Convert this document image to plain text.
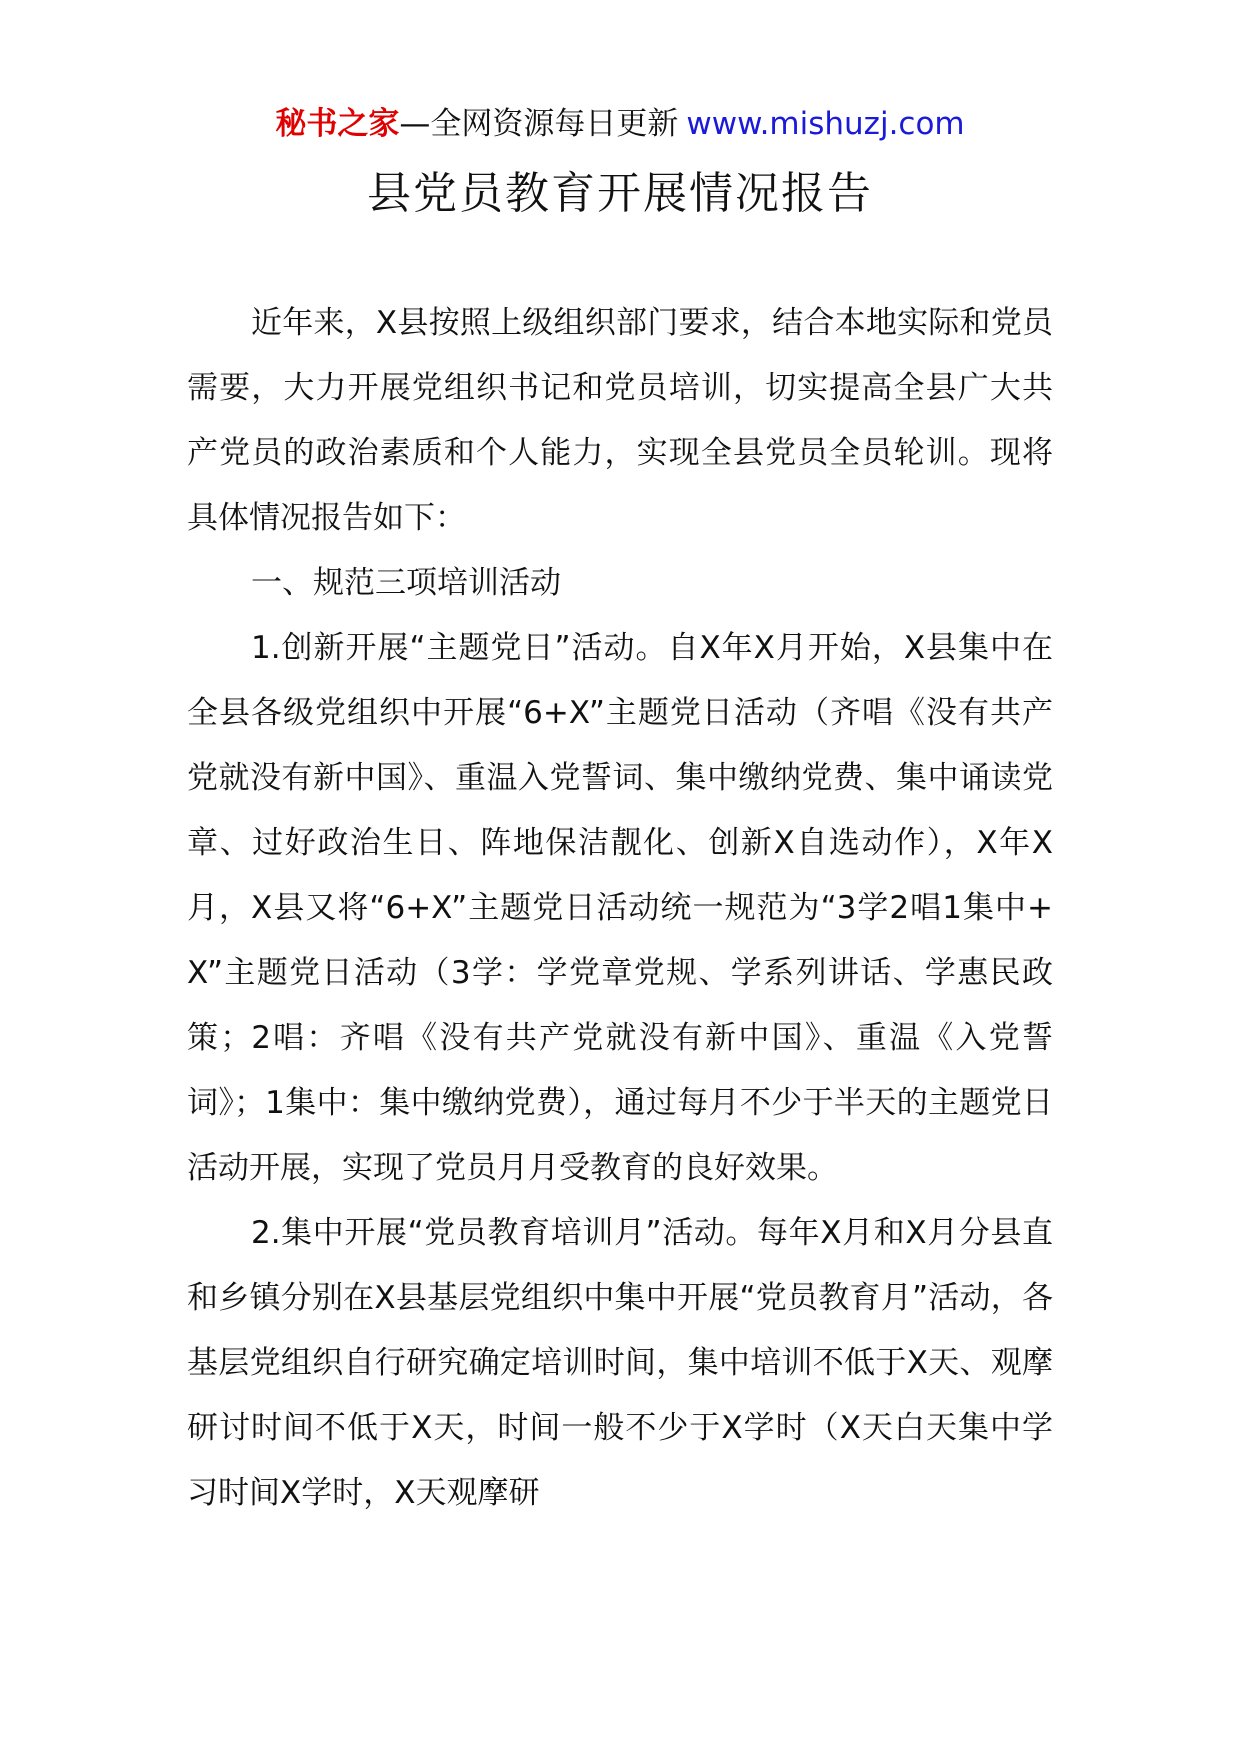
秘书之家—全网资源每日更新 www.mishuzj.com
县党员教育开展情况报告

近年来，X县按照上级组织部门要求，结合本地实际和党员需要，大力开展党组织书记和党员培训，切实提高全县广大共产党员的政治素质和个人能力，实现全县党员全员轮训。现将具体情况报告如下：

一、规范三项培训活动

1.创新开展“主题党日”活动。自X年X月开始，X县集中在全县各级党组织中开展“6+X”主题党日活动（齐唱《没有共产党就没有新中国》、重温入党誓词、集中缴纳党费、集中诵读党章、过好政治生日、阵地保洁靓化、创新X自选动作），X年X月，X县又将“6+X”主题党日活动统一规范为“3学2唱1集中+X”主题党日活动（3学：学党章党规、学系列讲话、学惠民政策；2唱：齐唱《没有共产党就没有新中国》、重温《入党誓词》；1集中：集中缴纳党费），通过每月不少于半天的主题党日活动开展，实现了党员月月受教育的良好效果。

2.集中开展“党员教育培训月”活动。每年X月和X月分县直和乡镇分别在X县基层党组织中集中开展“党员教育月”活动，各基层党组织自行研究确定培训时间，集中培训不低于X天、观摩研讨时间不低于X天，时间一般不少于X学时（X天白天集中学习时间X学时，X天观摩研
